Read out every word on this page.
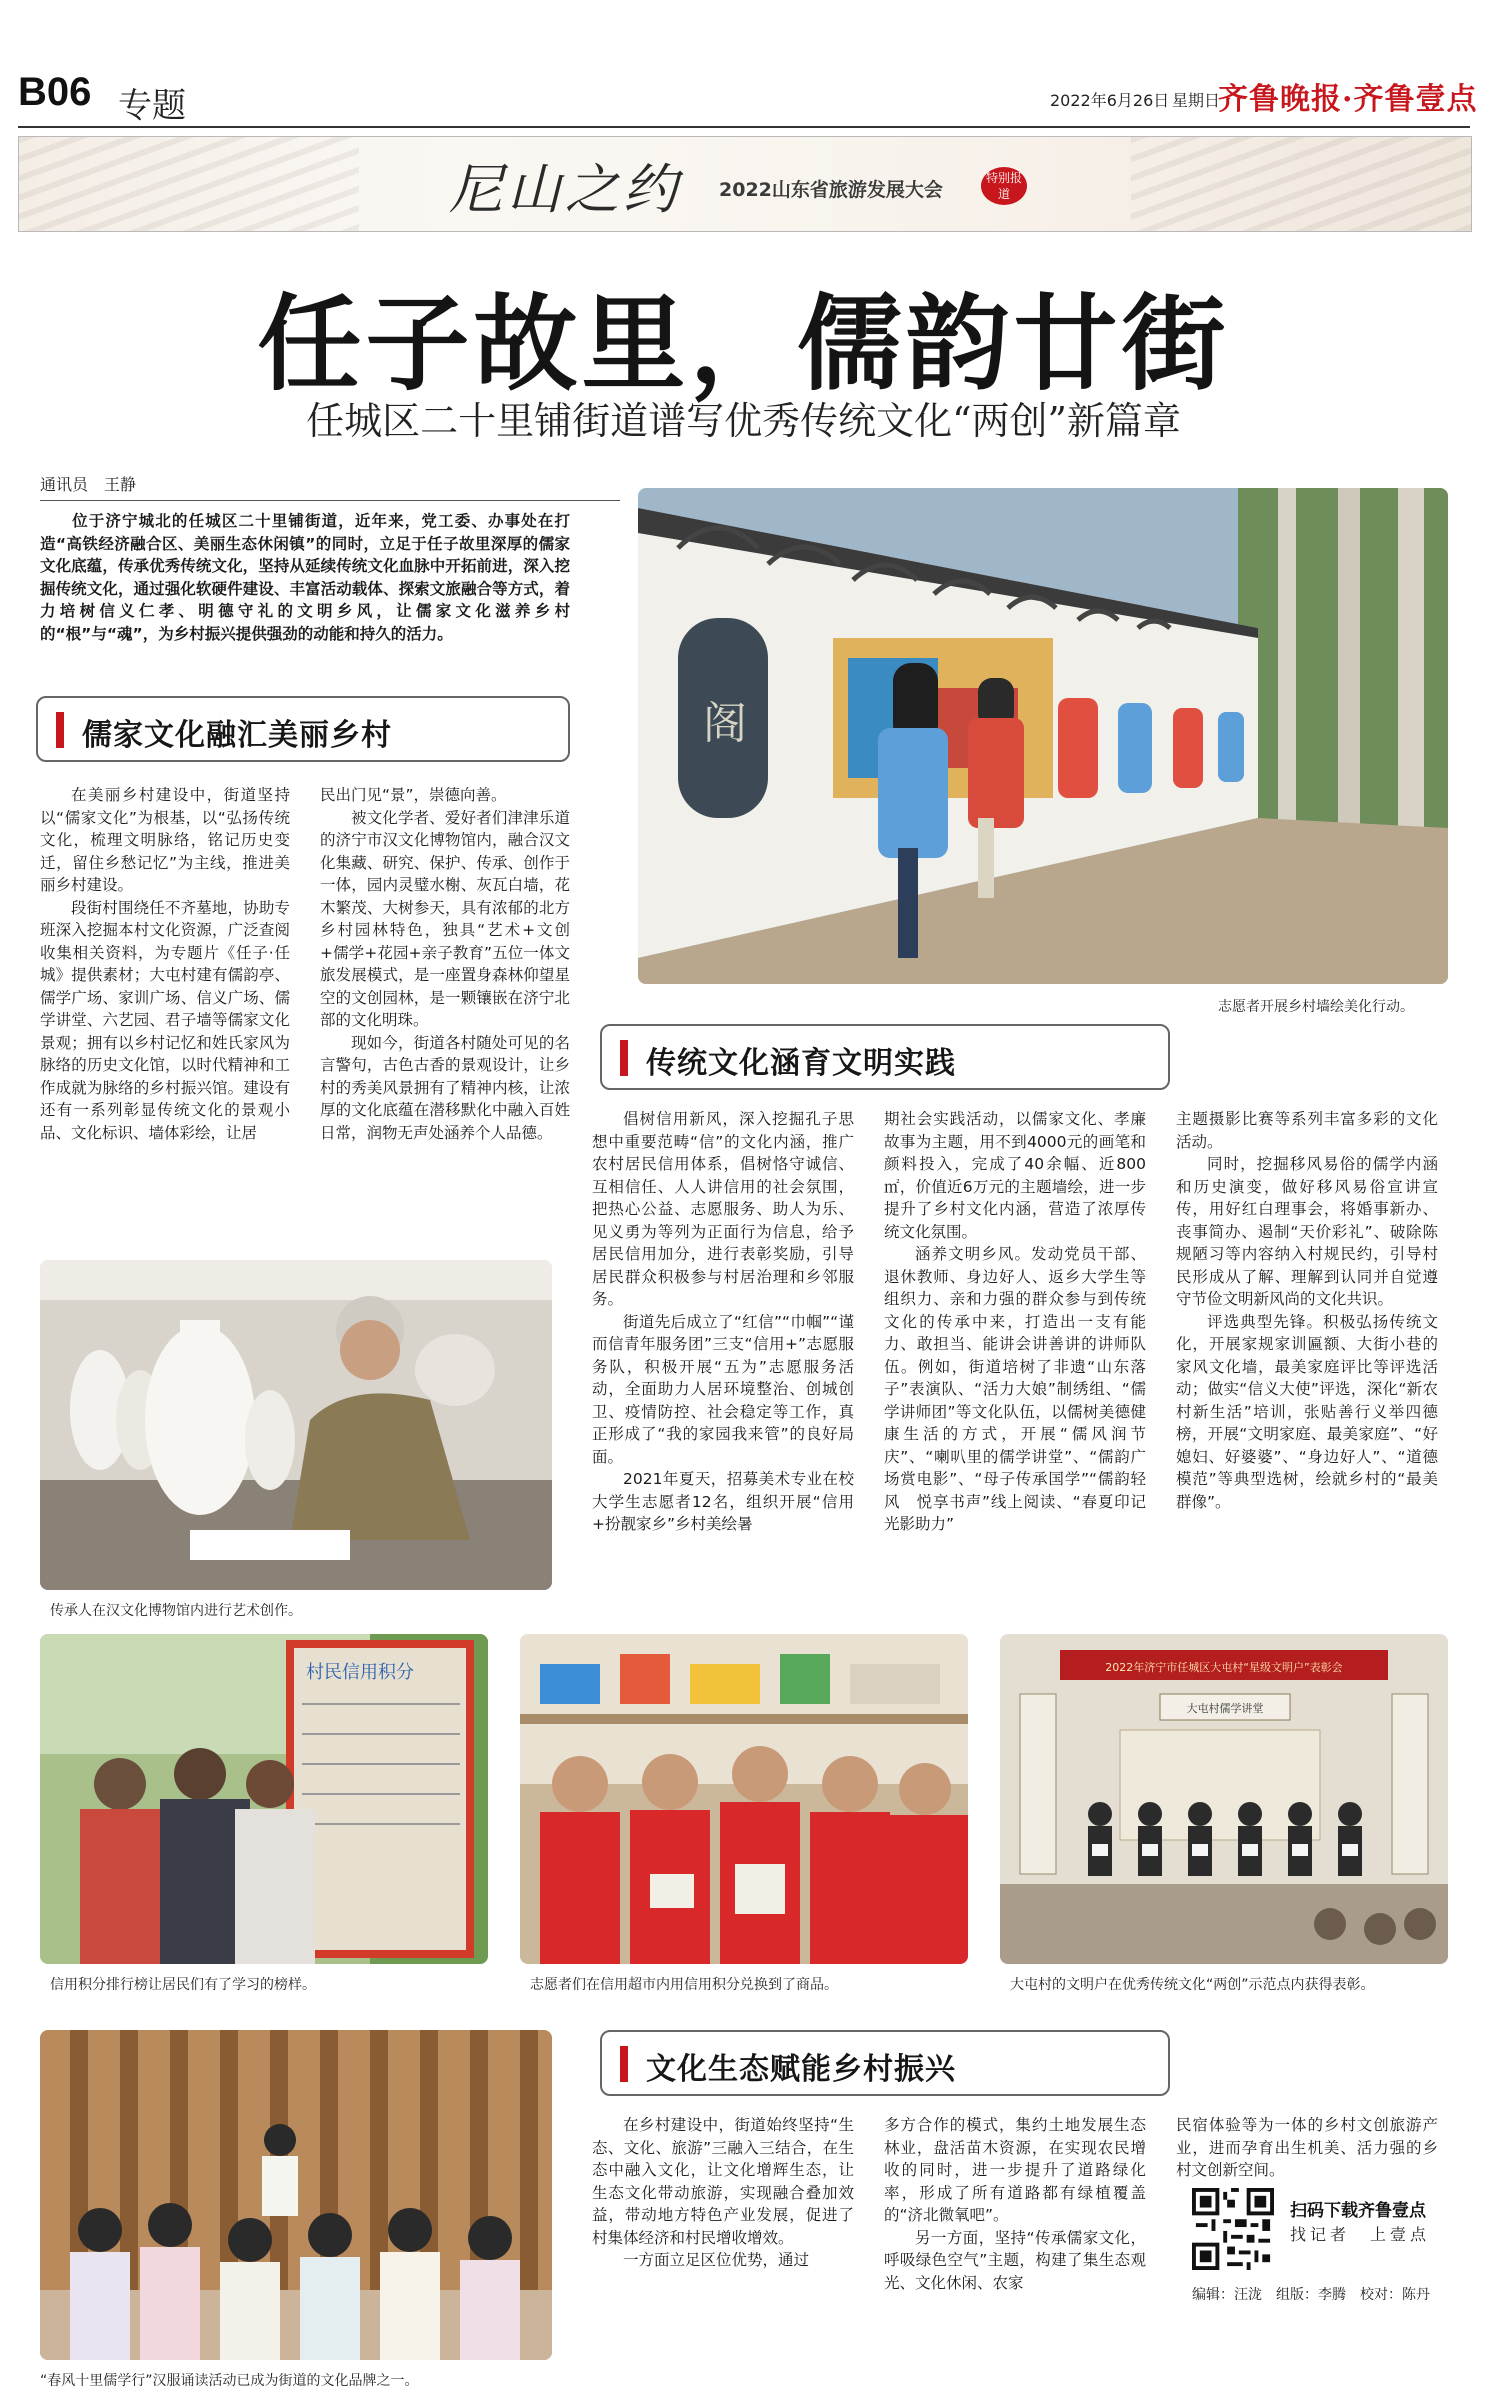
B06 专题	2022年6月26日 星期日
齐鲁晚报·齐鲁壹点
尼山之约 2022山东省旅游发展大会
特别报道
任子故里，儒韵廿街
任城区二十里铺街道谱写优秀传统文化“两创”新篇章
通讯员　王静
位于济宁城北的任城区二十里铺街道，近年来，党工委、办事处在打造“高铁经济融合区、美丽生态休闲镇”的同时，立足于任子故里深厚的儒家文化底蕴，传承优秀传统文化，坚持从延续传统文化血脉中开拓前进，深入挖掘传统文化，通过强化软硬件建设、丰富活动载体、探索文旅融合等方式，着力培树信义仁孝、明德守礼的文明乡风，让儒家文化滋养乡村的“根”与“魂”，为乡村振兴提供强劲的动能和持久的活力。
阁
志愿者开展乡村墙绘美化行动。
儒家文化融汇美丽乡村

在美丽乡村建设中，街道坚持以“儒家文化”为根基，以“弘扬传统文化，梳理文明脉络，铭记历史变迁，留住乡愁记忆”为主线，推进美丽乡村建设。

段街村围绕任不齐墓地，协助专班深入挖掘本村文化资源，广泛查阅收集相关资料，为专题片《任子·任城》提供素材；大屯村建有儒韵亭、儒学广场、家训广场、信义广场、儒学讲堂、六艺园、君子墙等儒家文化景观；拥有以乡村记忆和姓氏家风为脉络的历史文化馆，以时代精神和工作成就为脉络的乡村振兴馆。建设有还有一系列彰显传统文化的景观小品、文化标识、墙体彩绘，让居

民出门见“景”，崇德向善。

被文化学者、爱好者们津津乐道的济宁市汉文化博物馆内，融合汉文化集藏、研究、保护、传承、创作于一体，园内灵璧水榭、灰瓦白墙，花木繁茂、大树参天，具有浓郁的北方乡村园林特色，独具“艺术+文创+儒学+花园+亲子教育”五位一体文旅发展模式，是一座置身森林仰望星空的文创园林，是一颗镶嵌在济宁北部的文化明珠。

现如今，街道各村随处可见的名言警句，古色古香的景观设计，让乡村的秀美风景拥有了精神内核，让浓厚的文化底蕴在潜移默化中融入百姓日常，润物无声处涵养个人品德。

传承人在汉文化博物馆内进行艺术创作。
传统文化涵育文明实践

倡树信用新风，深入挖掘孔子思想中重要范畴“信”的文化内涵，推广农村居民信用体系，倡树恪守诚信、互相信任、人人讲信用的社会氛围，把热心公益、志愿服务、助人为乐、见义勇为等列为正面行为信息，给予居民信用加分，进行表彰奖励，引导居民群众积极参与村居治理和乡邻服务。

街道先后成立了“红信”“巾帼”“谨而信青年服务团”三支“信用+”志愿服务队，积极开展“五为”志愿服务活动，全面助力人居环境整治、创城创卫、疫情防控、社会稳定等工作，真正形成了“我的家园我来管”的良好局面。

2021年夏天，招募美术专业在校大学生志愿者12名，组织开展“信用+扮靓家乡”乡村美绘暑

期社会实践活动，以儒家文化、孝廉故事为主题，用不到4000元的画笔和颜料投入，完成了40余幅、近800㎡，价值近6万元的主题墙绘，进一步提升了乡村文化内涵，营造了浓厚传统文化氛围。

涵养文明乡风。发动党员干部、退休教师、身边好人、返乡大学生等组织力、亲和力强的群众参与到传统文化的传承中来，打造出一支有能力、敢担当、能讲会讲善讲的讲师队伍。例如，街道培树了非遗“山东落子”表演队、“活力大娘”制绣组、“儒学讲师团”等文化队伍，以儒树美德健康生活的方式，开展“儒风润节庆”、“喇叭里的儒学讲堂”、“儒韵广场赏电影”、“母子传承国学”“儒韵轻风　悦享书声”线上阅读、“春夏印记　光影助力”

主题摄影比赛等系列丰富多彩的文化活动。

同时，挖掘移风易俗的儒学内涵和历史演变，做好移风易俗宣讲宣传，用好红白理事会，将婚事新办、丧事简办、遏制“天价彩礼”、破除陈规陋习等内容纳入村规民约，引导村民形成从了解、理解到认同并自觉遵守节俭文明新风尚的文化共识。

评选典型先锋。积极弘扬传统文化，开展家规家训匾额、大街小巷的家风文化墙，最美家庭评比等评选活动；做实“信义大使”评选，深化“新农村新生活”培训，张贴善行义举四德榜，开展“文明家庭、最美家庭”、“好媳妇、好婆婆”、“身边好人”、“道德模范”等典型选树，绘就乡村的“最美群像”。

村民信用积分
信用积分排行榜让居民们有了学习的榜样。	志愿者们在信用超市内用信用积分兑换到了商品。
2022年济宁市任城区大屯村“星级文明户”表彰会
大屯村儒学讲堂
大屯村的文明户在优秀传统文化“两创”示范点内获得表彰。
“春风十里儒学行”汉服诵读活动已成为街道的文化品牌之一。
文化生态赋能乡村振兴

在乡村建设中，街道始终坚持“生态、文化、旅游”三融入三结合，在生态中融入文化，让文化增辉生态，让生态文化带动旅游，实现融合叠加效益，带动地方特色产业发展，促进了村集体经济和村民增收增效。

一方面立足区位优势，通过

多方合作的模式，集约土地发展生态林业，盘活苗木资源，在实现农民增收的同时，进一步提升了道路绿化率，形成了所有道路都有绿植覆盖的“济北微氧吧”。

另一方面，坚持“传承儒家文化，呼吸绿色空气”主题，构建了集生态观光、文化休闲、农家

民宿体验等为一体的乡村文创旅游产业，进而孕育出生机美、活力强的乡村文创新空间。

扫码下载齐鲁壹点
找记者　上壹点
编辑：汪泷　组版：李腾　校对：陈丹
